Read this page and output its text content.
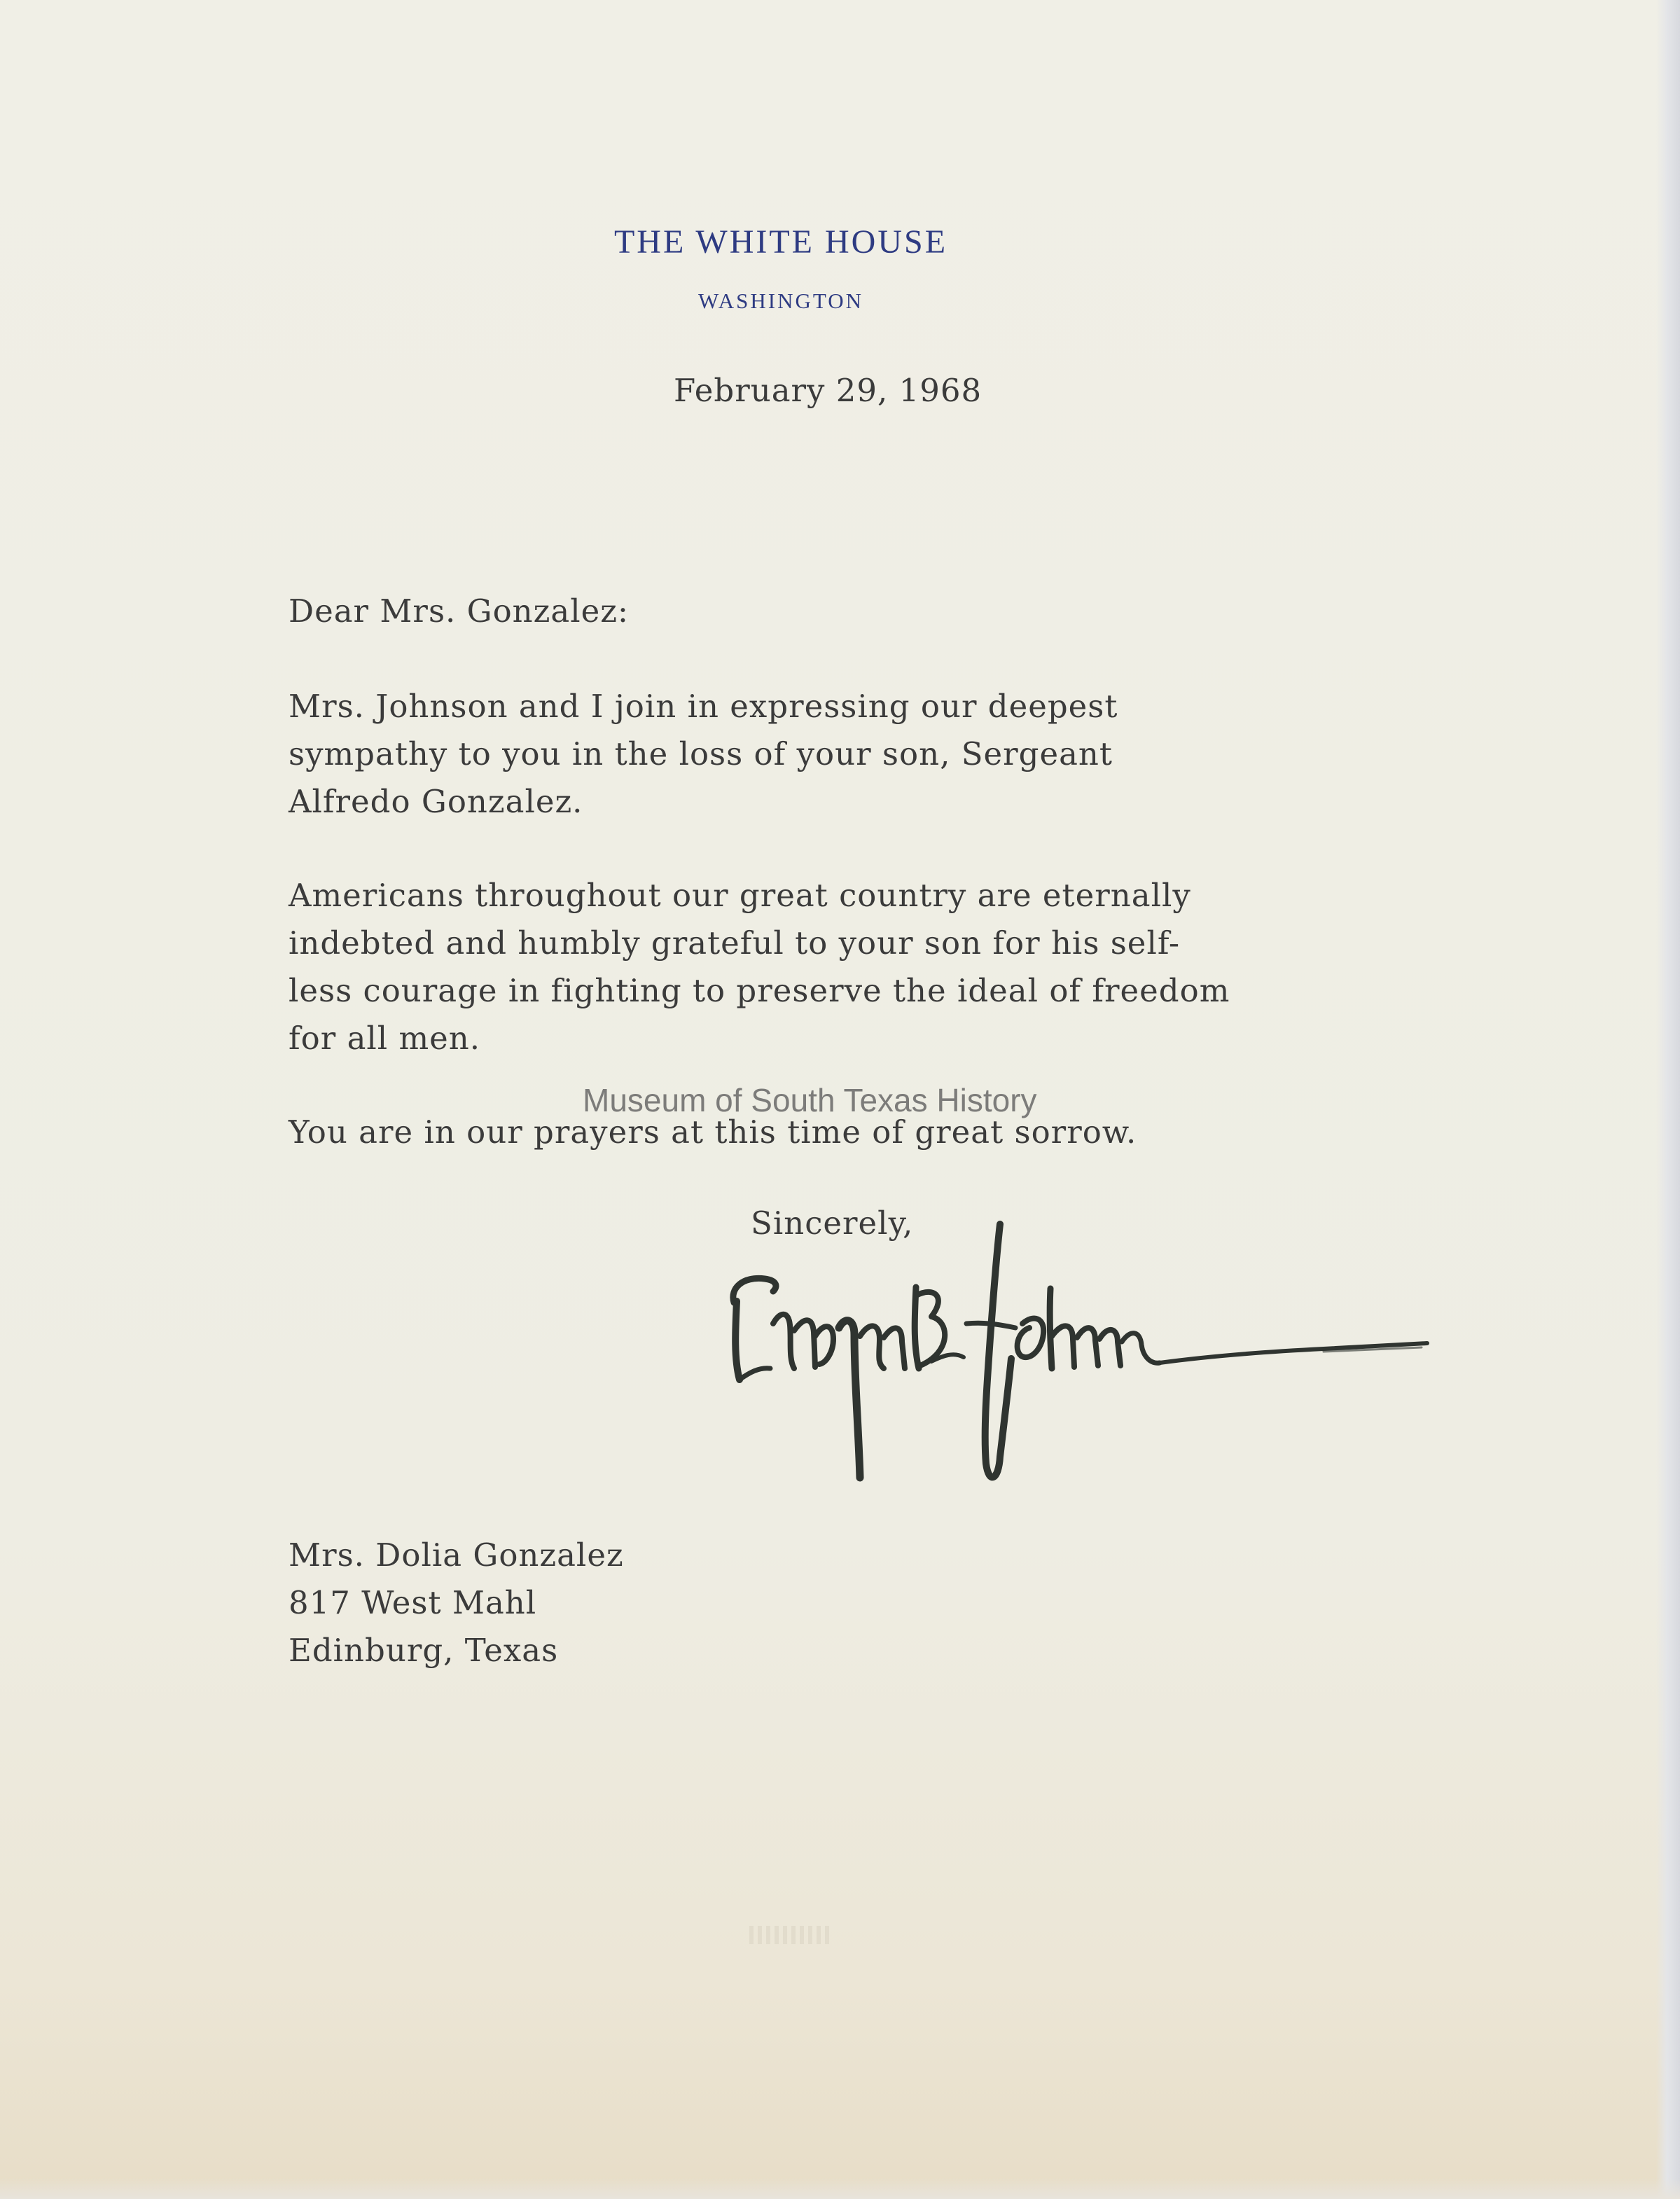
THE WHITE HOUSE
WASHINGTON
February 29, 1968
Dear Mrs. Gonzalez:
Mrs. Johnson and I join in expressing our deepest
sympathy to you in the loss of your son, Sergeant
Alfredo Gonzalez.
Americans throughout our great country are eternally
indebted and humbly grateful to your son for his self-
less courage in fighting to preserve the ideal of freedom
for all men.
Museum of South Texas History
You are in our prayers at this time of great sorrow.
Sincerely,
Mrs. Dolia Gonzalez
817 West Mahl
Edinburg, Texas
